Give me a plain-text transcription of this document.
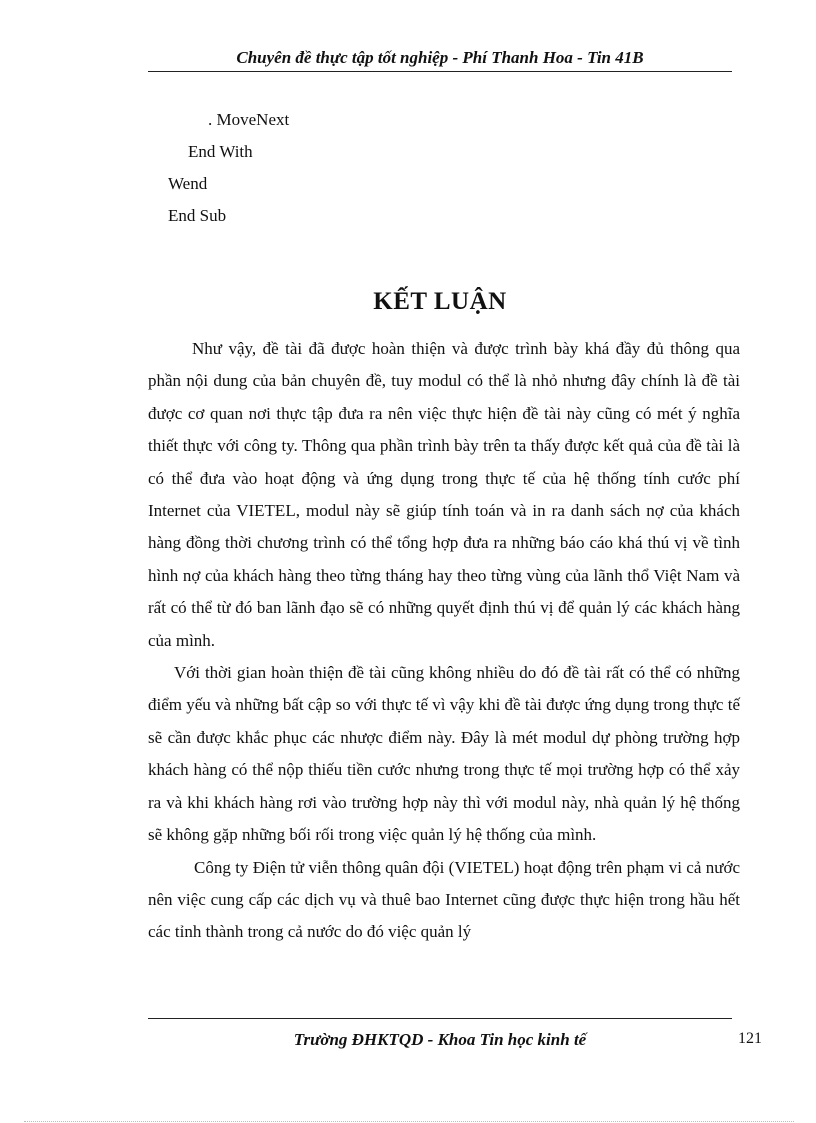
Chuyên đề thực tập tốt nghiệp - Phí Thanh Hoa - Tin 41B
. MoveNext
End With
Wend
End Sub
KẾT LUẬN

Như vậy, đề tài đã được hoàn thiện và được trình bày khá đầy đủ thông qua phần nội dung của bản chuyên đề, tuy modul có thể là nhỏ nhưng đây chính là đề tài được cơ quan nơi thực tập đưa ra nên việc thực hiện đề tài này cũng có mét ý nghĩa thiết thực với công ty. Thông qua phần trình bày trên ta thấy được kết quả của đề tài là có thể đưa vào hoạt động và ứng dụng trong thực tế của hệ thống tính cước phí Internet của VIETEL, modul này sẽ giúp tính toán và in ra danh sách nợ của khách hàng đồng thời chương trình có thể tổng hợp đưa ra những báo cáo khá thú vị về tình hình nợ của khách hàng theo từng tháng hay theo từng vùng của lãnh thổ Việt Nam và rất có thể từ đó ban lãnh đạo sẽ có những quyết định thú vị để quản lý các khách hàng của mình.

Với thời gian hoàn thiện đề tài cũng không nhiều do đó đề tài rất có thể có những điểm yếu và những bất cập so với thực tế vì vậy khi đề tài được ứng dụng trong thực tế sẽ cần được khắc phục các nhược điểm này. Đây là mét modul dự phòng trường hợp khách hàng có thể nộp thiếu tiền cước nhưng trong thực tế mọi trường hợp có thể xảy ra và khi khách hàng rơi vào trường hợp này thì với modul này, nhà quản lý hệ thống sẽ không gặp những bối rối trong việc quản lý hệ thống của mình.

Công ty Điện tử viễn thông quân đội (VIETEL) hoạt động trên phạm vi cả nước nên việc cung cấp các dịch vụ và thuê bao Internet cũng được thực hiện trong hầu hết các tỉnh thành trong cả nước do đó việc quản lý

Trường ĐHKTQD - Khoa Tin học kinh tế	121
